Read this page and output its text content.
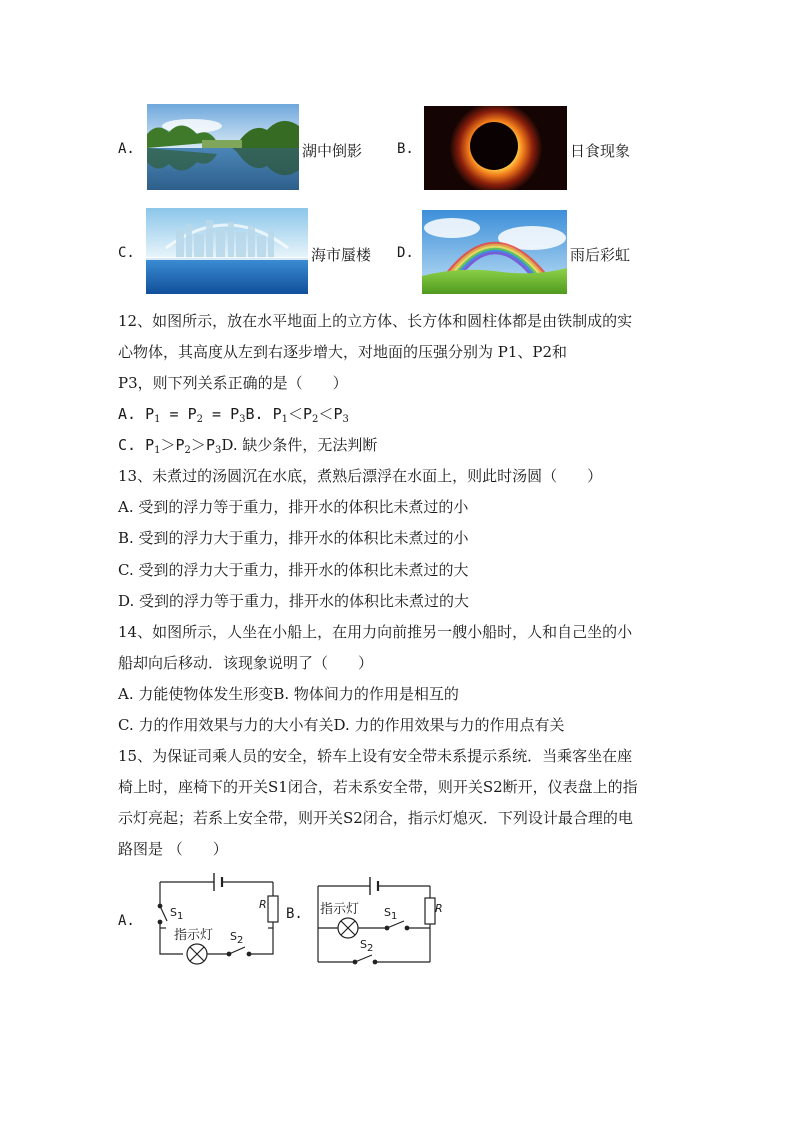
A.	湖中倒影 B.	日食现象
C.	海市蜃楼 D.	雨后彩虹
12、如图所示，放在水平地面上的立方体、长方体和圆柱体都是由铁制成的实
心物体，其高度从左到右逐步增大，对地面的压强分别为 P1、P2和
P3，则下列关系正确的是（　　）
A. $P_1 = P_2 = P_3B$. $P_1<P_2<P_3$
C. $P_1>P_2>P_3D$. 缺少条件，无法判断
13、未煮过的汤圆沉在水底，煮熟后漂浮在水面上，则此时汤圆（　　）
A. 受到的浮力等于重力，排开水的体积比未煮过的小
B. 受到的浮力大于重力，排开水的体积比未煮过的小
C. 受到的浮力大于重力，排开水的体积比未煮过的大
D. 受到的浮力等于重力，排开水的体积比未煮过的大
14、如图所示，人坐在小船上，在用力向前推另一艘小船时，人和自己坐的小
船却向后移动．该现象说明了（　　）
A. 力能使物体发生形变B. 物体间力的作用是相互的
C. 力的作用效果与力的大小有关D. 力的作用效果与力的作用点有关
15、为保证司乘人员的安全，轿车上设有安全带未系提示系统．当乘客坐在座
椅上时，座椅下的开关S1闭合，若未系安全带，则开关S2断开，仪表盘上的指
示灯亮起；若系上安全带，则开关S2闭合，指示灯熄灭．下列设计最合理的电
路图是 （　　）
A.
$S_1$
指示灯 $S_2$
R
B. 指示灯 $S_1$
$S_2$
R
